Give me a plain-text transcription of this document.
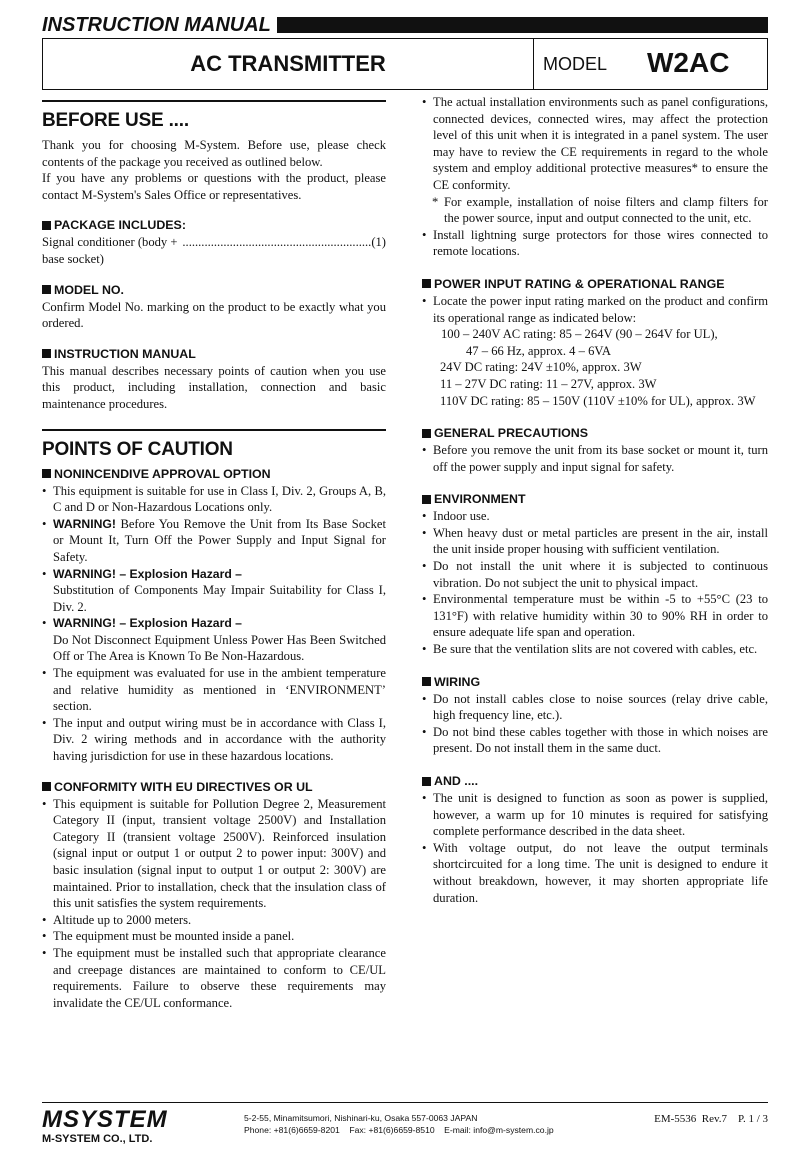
INSTRUCTION MANUAL
AC TRANSMITTER	MODEL W2AC
BEFORE USE ....

Thank you for choosing M-System. Before use, please check contents of the package you received as outlined below.

If you have any problems or questions with the product, please contact M-System's Sales Office or representatives.

PACKAGE INCLUDES:
Signal conditioner (body + base socket)
............................................................ (1)
MODEL NO.

Confirm Model No. marking on the product to be exactly what you ordered.

INSTRUCTION MANUAL

This manual describes necessary points of caution when you use this product, including installation, connection and basic maintenance procedures.

POINTS OF CAUTION
NONINCENDIVE APPROVAL OPTION
• This equipment is suitable for use in Class I, Div. 2, Groups A, B, C and D or Non-Hazardous Locations only.
• WARNING! Before You Remove the Unit from Its Base Socket or Mount It, Turn Off the Power Supply and Input Signal for Safety.
• WARNING! – Explosion Hazard –
Substitution of Components May Impair Suitability for Class I, Div. 2.
• WARNING! – Explosion Hazard –
Do Not Disconnect Equipment Unless Power Has Been Switched Off or The Area is Known To Be Non-Hazardous.
• The equipment was evaluated for use in the ambient temperature and relative humidity as mentioned in ‘ENVIRONMENT’ section.
• The input and output wiring must be in accordance with Class I, Div. 2 wiring methods and in accordance with the authority having jurisdiction for use in these hazardous locations.
CONFORMITY WITH EU DIRECTIVES OR UL
• This equipment is suitable for Pollution Degree 2, Measurement Category II (input, transient voltage 2500V) and Installation Category II (transient voltage 2500V). Reinforced insulation (signal input or output 1 or output 2 to power input: 300V) and basic insulation (signal input to output 1 or output 2: 300V) are maintained. Prior to installation, check that the insulation class of this unit satisfies the system requirements.
• Altitude up to 2000 meters.
• The equipment must be mounted inside a panel.
• The equipment must be installed such that appropriate clearance and creepage distances are maintained to conform to CE/UL requirements. Failure to observe these requirements may invalidate the CE/UL conformance.
• The actual installation environments such as panel configurations, connected devices, connected wires, may affect the protection level of this unit when it is integrated in a panel system. The user may have to review the CE requirements in regard to the whole system and employ additional protective measures* to ensure the CE conformity.
* For example, installation of noise filters and clamp filters for the power source, input and output connected to the unit, etc.
• Install lightning surge protectors for those wires connected to remote locations.
POWER INPUT RATING & OPERATIONAL RANGE
• Locate the power input rating marked on the product and confirm its operational range as indicated below:
100 – 240V AC rating: 85 – 264V (90 – 264V for UL),
47 – 66 Hz, approx. 4 – 6VA
24V DC rating: 24V ±10%, approx. 3W
11 – 27V DC rating: 11 – 27V, approx. 3W
110V DC rating: 85 – 150V (110V ±10% for UL), approx. 3W
GENERAL PRECAUTIONS
• Before you remove the unit from its base socket or mount it, turn off the power supply and input signal for safety.
ENVIRONMENT
• Indoor use.
• When heavy dust or metal particles are present in the air, install the unit inside proper housing with sufficient ventilation.
• Do not install the unit where it is subjected to continuous vibration. Do not subject the unit to physical impact.
• Environmental temperature must be within -5 to +55°C (23 to 131°F) with relative humidity within 30 to 90% RH in order to ensure adequate life span and operation.
• Be sure that the ventilation slits are not covered with cables, etc.
WIRING
• Do not install cables close to noise sources (relay drive cable, high frequency line, etc.).
• Do not bind these cables together with those in which noises are present. Do not install them in the same duct.
AND ....
• The unit is designed to function as soon as power is supplied, however, a warm up for 10 minutes is required for satisfying complete performance described in the data sheet.
• With voltage output, do not leave the output terminals shortcircuited for a long time. The unit is designed to endure it without breakdown, however, it may shorten appropriate life duration.
MSYSTEM
M-SYSTEM CO., LTD.
5-2-55, Minamitsumori, Nishinari-ku, Osaka 557-0063 JAPAN
Phone: +81(6)6659-8201    Fax: +81(6)6659-8510    E-mail: info@m-system.co.jp
EM-5536  Rev.7    P. 1 / 3
